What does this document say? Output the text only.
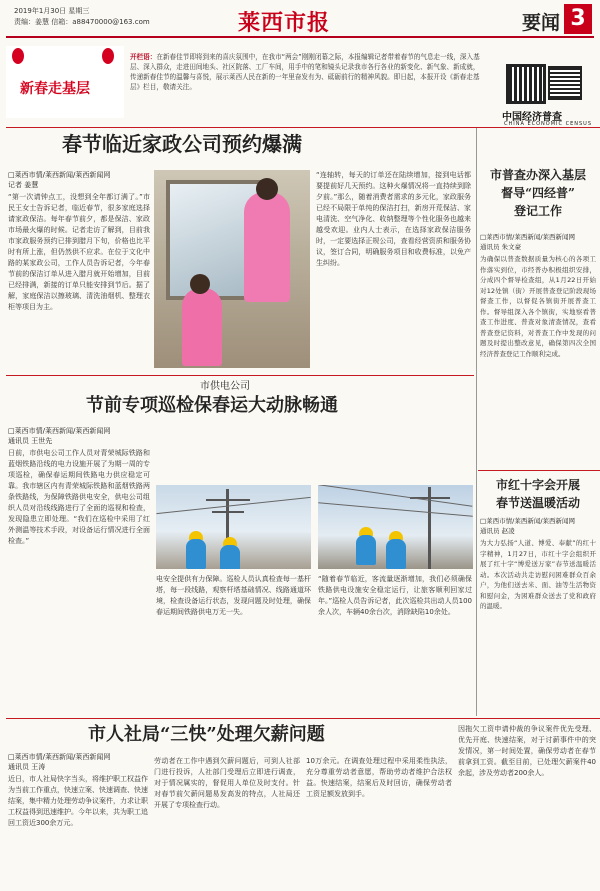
2019年1月30日 星期三
责编：姜慧 信箱：a88470000@163.com	莱西市报	要闻 3
新春走基层
开栏语：在新春佳节即将到来的喜庆氛围中，在我市“两会”刚刚闭幕之际，本报编辑记者带着春节的气息走一线，深入基层、深入群众，走进田间地头、社区院落、工厂车间，用手中的笔和镜头记录我市各行各业的新变化、新气象、新成就，传递新春佳节的温馨与喜悦，展示莱西人民在新的一年里奋发有为、砥砺前行的精神风貌。即日起，本报开设《新春走基层》栏目，敬请关注。
中国经济普查
CHINA ECONOMIC CENSUS
春节临近家政公司预约爆满
□莱西市情/莱西新闻/莱西新闻网
记者 姜慧
“第一次请钟点工，没想到全年都订满了。”市民王女士告诉记者，临近春节，很多家庭选择请家政保洁。每年春节前夕，都是保洁、家政市场最火爆的时候。记者走访了解到，目前我市家政服务预约已排到腊月下旬，价格也比平时有所上涨，但仍然供不应求。在位于文化中路的某家政公司，工作人员告诉记者，今年春节前的保洁订单从进入腊月就开始增加，目前已经排满，新接的订单只能安排到节后。据了解，家庭保洁以擦玻璃、清洗油烟机、整理衣柜等项目为主。
“连轴转，每天的订单还在陆续增加，接到电话都要提前好几天预约。这种火爆情况将一直持续到除夕前。”那么，随着消费者需求的多元化，家政服务已经不局限于单纯的保洁打扫，新房开荒保洁、家电清洗、空气净化、收纳整理等个性化服务也越来越受欢迎。业内人士表示，在选择家政保洁服务时，一定要选择正规公司，查看经营资质和服务协议，签订合同，明确服务项目和收费标准，以免产生纠纷。
市供电公司
节前专项巡检保春运大动脉畅通
□莱西市情/莱西新闻/莱西新闻网
通讯员 王世先
日前，市供电公司工作人员对青荣城际铁路和蓝烟铁路沿线的电力设施开展了为期一周的专项巡检，确保春运期间铁路电力供应稳定可靠。我市辖区内有青荣城际铁路和蓝烟铁路两条铁路线，为保障铁路供电安全，供电公司组织人员对沿线线路进行了全面的巡视和检查，发现隐患立即处理。“我们在巡检中采用了红外测温等技术手段，对设备运行情况进行全面检查。”
电安全提供有力保障。巡检人员认真检查每一基杆塔，每一段线路，观察杆塔基础情况、线路通道环境，检查设备运行状态，发现问题及时处理，确保春运期间铁路供电万无一失。
“随着春节临近，客流量逐渐增加，我们必须确保铁路供电设施安全稳定运行，让旅客顺利回家过年。”巡检人员告诉记者，此次巡检共出动人员100余人次，车辆40余台次，消除缺陷10余处。
市人社局“三快”处理欠薪问题
□莱西市情/莱西新闻/莱西新闻网
通讯员 王涛
近日，市人社局快字当头，将维护职工权益作为当前工作重点，快速立案、快速调查、快速结案，集中精力处理劳动争议案件，力求让职工权益得到迅速维护。今年以来，共为职工追回工资近300余万元。
劳动者在工作中遇到欠薪问题后，可到人社部门进行投诉，人社部门受理后立即进行调查，对于情况属实的，督促用人单位及时支付。针对春节前欠薪问题易发高发的特点，人社局还开展了专项检查行动。
10万余元。在调查处理过程中采用柔性执法，充分尊重劳动者意愿，帮助劳动者维护合法权益。快速结案，结案后及时回访，确保劳动者工资足额发放到手。
因拖欠工资申请仲裁的争议案件优先受理、优先开庭、快速结案，对于讨薪事件中的突发情况，第一时间处置，确保劳动者在春节前拿到工资。截至目前，已处理欠薪案件40余起，涉及劳动者200余人。
市普查办深入基层
督导“四经普”
登记工作
□莱西市情/莱西新闻/莱西新闻网
通讯员 朱文豪
为确保以普查数据质量为核心的各项工作落实到位，市经普办积极组织安排，分成四个督导检查组，从1月22日开始对12处镇（街）开展普查登记阶段现场督查工作，以督促各镇街开展普查工作。督导组深入各个镇街，实地察看普查工作进度、普查对象清查情况，查看普查登记资料，对普查工作中发现的问题及时提出整改意见，确保第四次全国经济普查登记工作顺利完成。
市红十字会开展
春节送温暖活动
□莱西市情/莱西新闻/莱西新闻网
通讯员 赵凌
为大力弘扬“人道、博爱、奉献”的红十字精神，1月27日，市红十字会组织开展了红十字“博爱送万家”春节送温暖活动。本次活动共走访慰问困难群众百余户，为他们送去米、面、油等生活物资和慰问金，为困难群众送去了党和政府的温暖。
